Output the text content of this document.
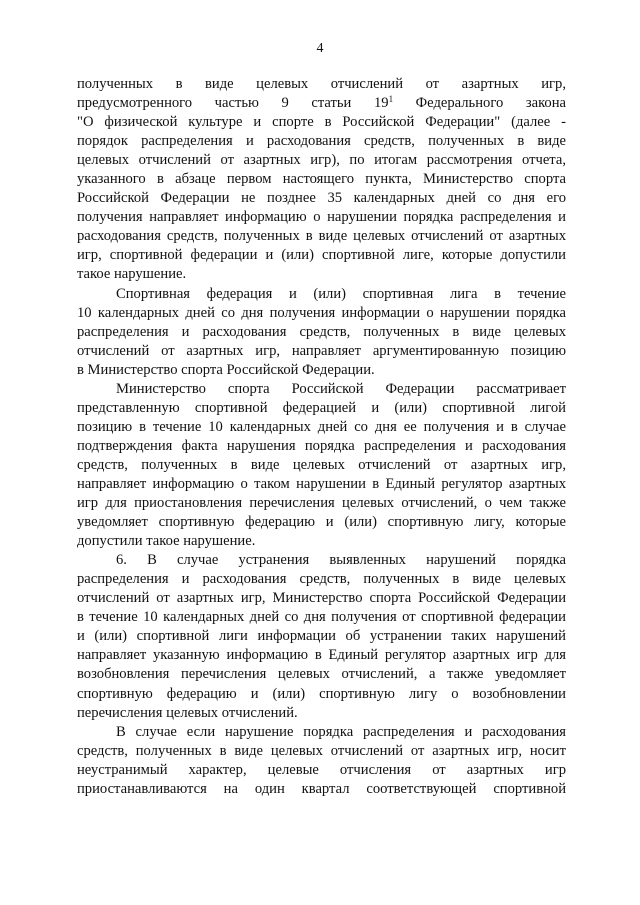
4
полученных в виде целевых отчислений от азартных игр,
предусмотренного частью 9 статьи $19^1$ Федерального закона
"О физической культуре и спорте в Российской Федерации" (далее -
порядок распределения и расходования средств, полученных в виде
целевых отчислений от азартных игр), по итогам рассмотрения отчета,
указанного в абзаце первом настоящего пункта, Министерство спорта
Российской Федерации не позднее 35 календарных дней со дня его
получения направляет информацию о нарушении порядка распределения и
расходования средств, полученных в виде целевых отчислений от азартных
игр, спортивной федерации и (или) спортивной лиге, которые допустили
такое нарушение.
Спортивная федерация и (или) спортивная лига в течение
10 календарных дней со дня получения информации о нарушении порядка
распределения и расходования средств, полученных в виде целевых
отчислений от азартных игр, направляет аргументированную позицию
в Министерство спорта Российской Федерации.
Министерство спорта Российской Федерации рассматривает
представленную спортивной федерацией и (или) спортивной лигой
позицию в течение 10 календарных дней со дня ее получения и в случае
подтверждения факта нарушения порядка распределения и расходования
средств, полученных в виде целевых отчислений от азартных игр,
направляет информацию о таком нарушении в Единый регулятор азартных
игр для приостановления перечисления целевых отчислений, о чем также
уведомляет спортивную федерацию и (или) спортивную лигу, которые
допустили такое нарушение.
6. В случае устранения выявленных нарушений порядка
распределения и расходования средств, полученных в виде целевых
отчислений от азартных игр, Министерство спорта Российской Федерации
в течение 10 календарных дней со дня получения от спортивной федерации
и (или) спортивной лиги информации об устранении таких нарушений
направляет указанную информацию в Единый регулятор азартных игр для
возобновления перечисления целевых отчислений, а также уведомляет
спортивную федерацию и (или) спортивную лигу о возобновлении
перечисления целевых отчислений.
В случае если нарушение порядка распределения и расходования
средств, полученных в виде целевых отчислений от азартных игр, носит
неустранимый характер, целевые отчисления от азартных игр
приостанавливаются на один квартал соответствующей спортивной
